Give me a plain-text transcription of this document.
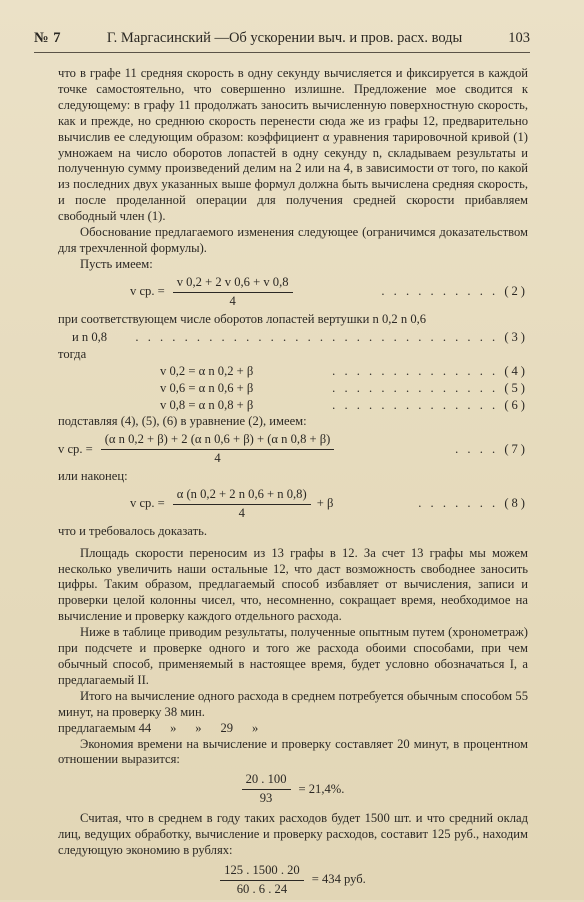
№ 7	Г. Маргасинский —Об ускорении выч. и пров. расх. воды	103

что в графе 11 средняя скорость в одну секунду вычисляется и фиксируется в каждой точке самостоятельно, что совершенно излишне. Предложение мое сводится к следующему: в графу 11 продолжать заносить вычисленную поверхностную скорость, как и прежде, но среднюю скорость перенести сюда же из графы 12, предварительно вычислив ее следующим образом: коэффициент α уравнения тарировочной кривой (1) умножаем на число оборотов лопастей в одну секунду n, складываем результаты и полученную сумму произведений делим на 2 или на 4, в зависимости от того, по какой из последних двух указанных выше формул должна быть вычислена средняя скорость, и после проделанной операции для получения средней скорости прибавляем свободный член (1).

Обоснование предлагаемого изменения следующее (ограничимся доказательством для трехчленной формулы).

Пусть имеем:

v ср. = $\frac{v 0,2 + 2 v 0,6 + v 0,8}{4}$	. . . . . . . . . . (2)

при соответствующем числе оборотов лопастей вертушки n 0,2 n 0,6

и n 0,8 . . . . . . . . . . . . . . . . . . . . . . . . . . . . . . (3)

тогда

v 0,2 = α n 0,2 + β	. . . . . . . . . . . . . . (4)
v 0,6 = α n 0,6 + β	. . . . . . . . . . . . . . (5)
v 0,8 = α n 0,8 + β	. . . . . . . . . . . . . . (6)

подставляя (4), (5), (6) в уравнение (2), имеем:

v ср. = $\frac{\text{(α n 0,2 + β) + 2 (α n 0,6 + β) + (α n 0,8 + β)}}{4}$	. . . . (7)

или наконец:

v ср. = $\frac{\alpha (n 0,2 + 2 n 0,6 + n 0,8)}{4} + \beta$	. . . . . . . (8)

что и требовалось доказать.

Площадь скорости переносим из 13 графы в 12. За счет 13 графы мы можем несколько увеличить наши остальные 12, что даст возможность свободнее заносить цифры. Таким образом, предлагаемый способ избавляет от вычисления, записи и проверки целой колонны чисел, что, несомненно, сокращает время, необходимое на вычисление и проверку каждого отдельного расхода.

Ниже в таблице приводим результаты, полученные опытным путем (хронометраж) при подсчете и проверке одного и того же расхода обоими способами, при чем обычный способ, применяемый в настоящее время, будет условно обозначаться I, а предлагаемый II.

Итого на вычисление одного расхода в среднем потребуется обычным способом 55 минут, на проверку 38 мин.

предлагаемым 44      »      »      29      »

Экономия времени на вычисление и проверку составляет 20 минут, в процентном отношении выразится:

$\frac{20 . 100}{93} = 21,4\%$.

Считая, что в среднем в году таких расходов будет 1500 шт. и что средний оклад лиц, ведущих обработку, вычисление и проверку расходов, составит 125 руб., находим следующую экономию в рублях:

$\frac{125 . 1500 . 20}{60 . 6 . 24} = 434$ руб.
